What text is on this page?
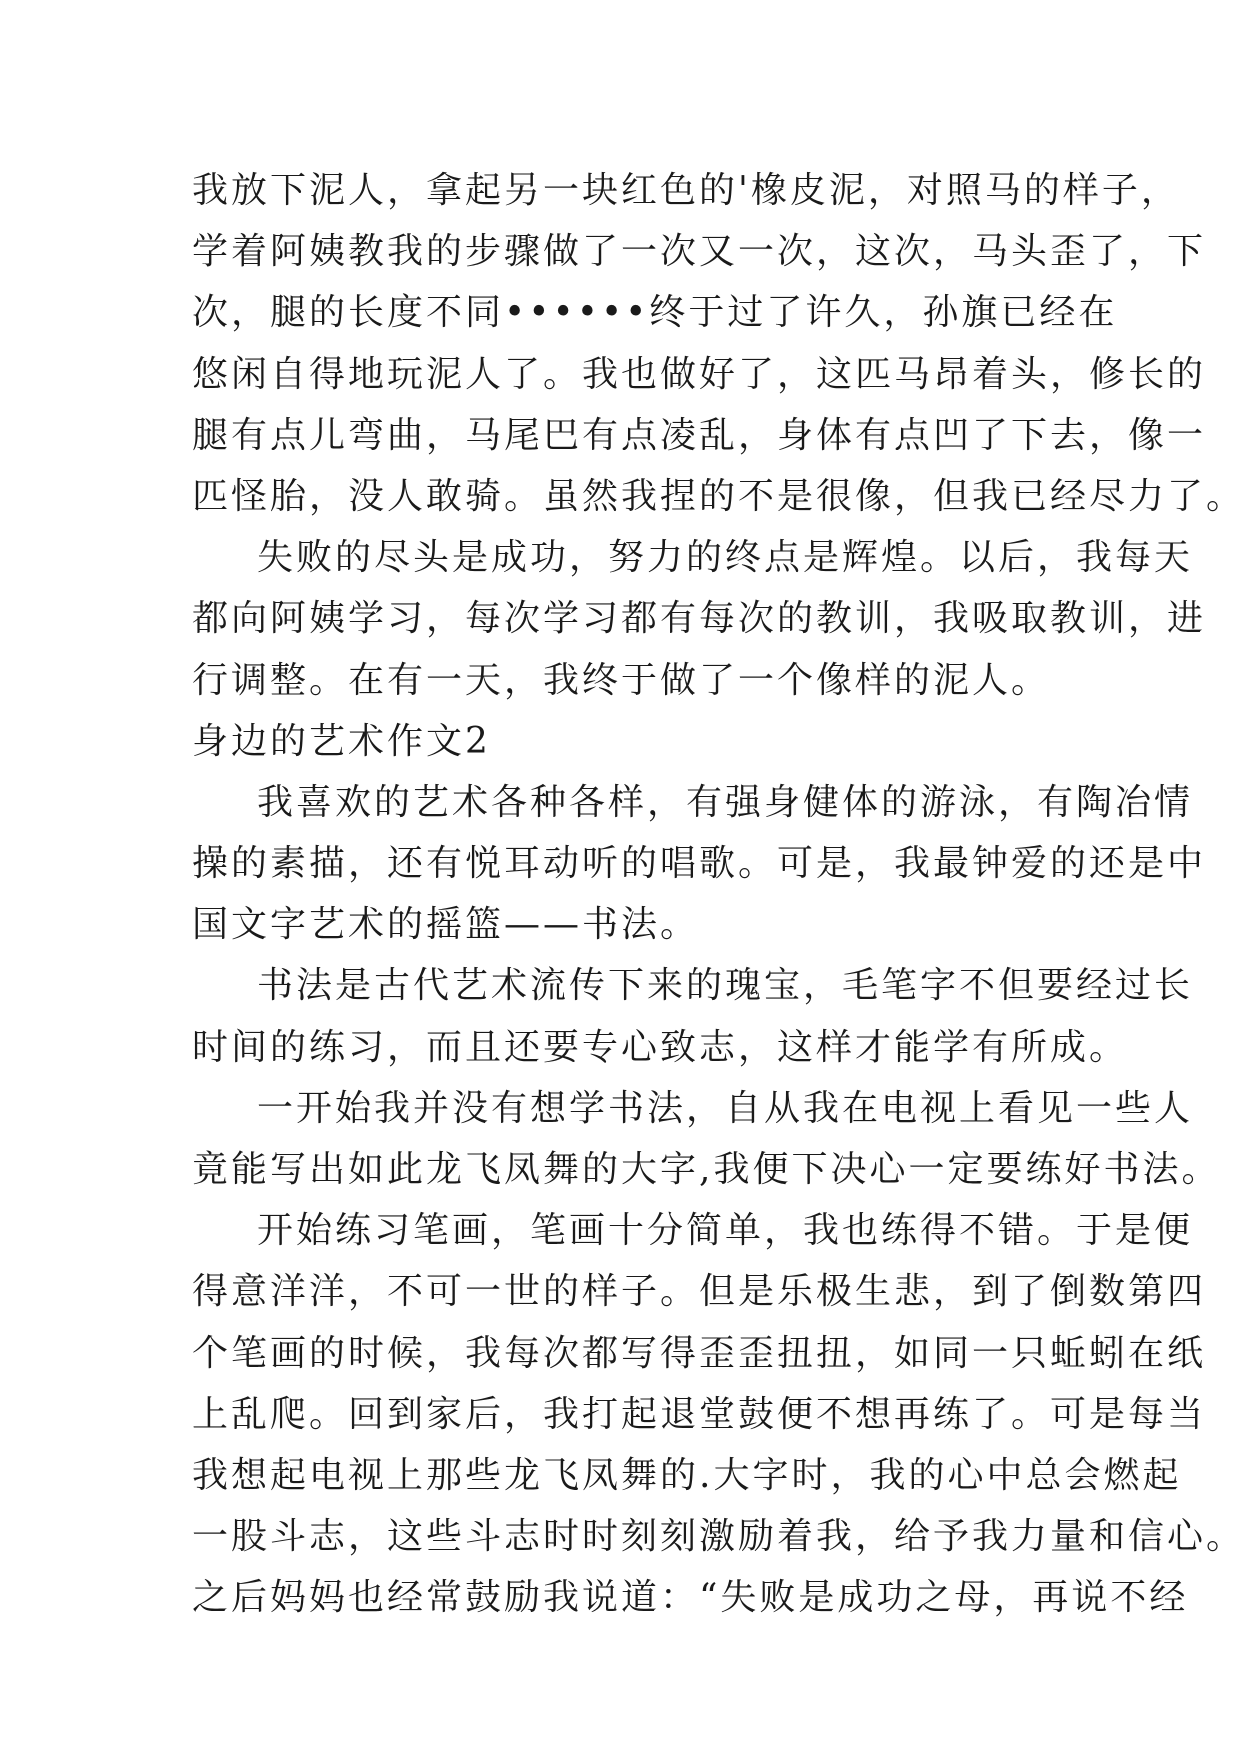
我放下泥人，拿起另一块红色的'橡皮泥，对照马的样子，
学着阿姨教我的步骤做了一次又一次，这次，马头歪了，下
次，腿的长度不同••••••终于过了许久，孙旗已经在
悠闲自得地玩泥人了。我也做好了，这匹马昂着头，修长的
腿有点儿弯曲，马尾巴有点凌乱，身体有点凹了下去，像一
匹怪胎，没人敢骑。虽然我捏的不是很像，但我已经尽力了。
失败的尽头是成功，努力的终点是辉煌。以后，我每天
都向阿姨学习，每次学习都有每次的教训，我吸取教训，进
行调整。在有一天，我终于做了一个像样的泥人。
身边的艺术作文2
我喜欢的艺术各种各样，有强身健体的游泳，有陶冶情
操的素描，还有悦耳动听的唱歌。可是，我最钟爱的还是中
国文字艺术的摇篮——书法。
书法是古代艺术流传下来的瑰宝，毛笔字不但要经过长
时间的练习，而且还要专心致志，这样才能学有所成。
一开始我并没有想学书法，自从我在电视上看见一些人
竟能写出如此龙飞凤舞的大字,我便下决心一定要练好书法。
开始练习笔画，笔画十分简单，我也练得不错。于是便
得意洋洋，不可一世的样子。但是乐极生悲，到了倒数第四
个笔画的时候，我每次都写得歪歪扭扭，如同一只蚯蚓在纸
上乱爬。回到家后，我打起退堂鼓便不想再练了。可是每当
我想起电视上那些龙飞凤舞的.大字时，我的心中总会燃起
一股斗志，这些斗志时时刻刻激励着我，给予我力量和信心。
之后妈妈也经常鼓励我说道：“失败是成功之母，再说不经
